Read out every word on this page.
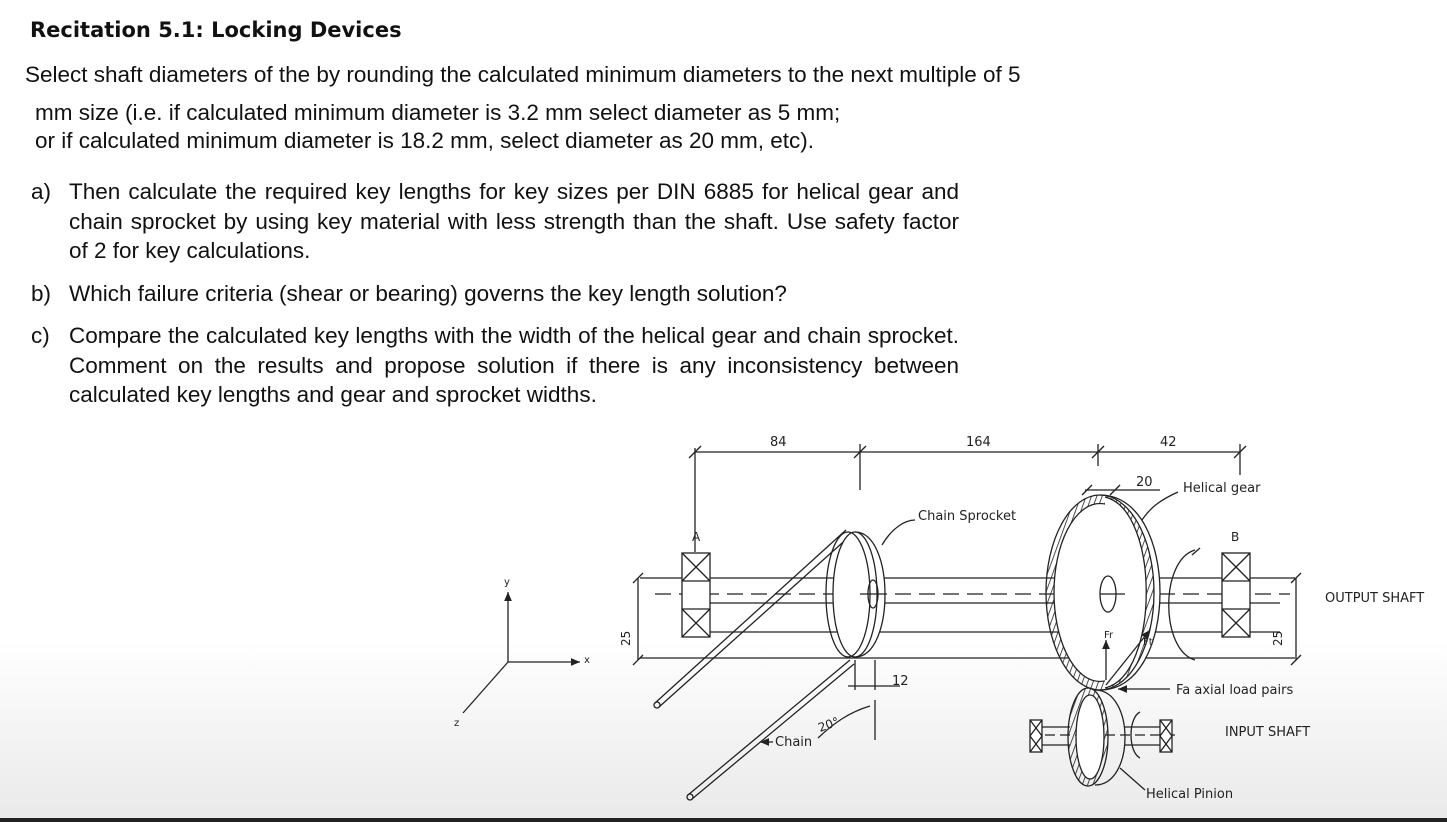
Recitation 5.1: Locking Devices
Select shaft diameters of the by rounding the calculated minimum diameters to the next multiple of 5
mm size (i.e. if calculated minimum diameter is 3.2 mm select diameter as 5 mm;
or if calculated minimum diameter is 18.2 mm, select diameter as 20 mm, etc).
a) Then calculate the required key lengths for key sizes per DIN 6885 for helical gear and chain sprocket by using key material with less strength than the shaft. Use safety factor of 2 for key calculations.
b) Which failure criteria (shear or bearing) governs the key length solution?
c) Compare the calculated key lengths with the width of the helical gear and chain sprocket. Comment on the results and propose solution if there is any inconsistency between calculated key lengths and gear and sprocket widths.
y
x
z
84	164	42
20
25	25
A	B
Chain
Chain Sprocket
12
20°
Helical gear
Fr
Ft
Fa axial load pairs
INPUT SHAFT
Helical Pinion
OUTPUT SHAFT
